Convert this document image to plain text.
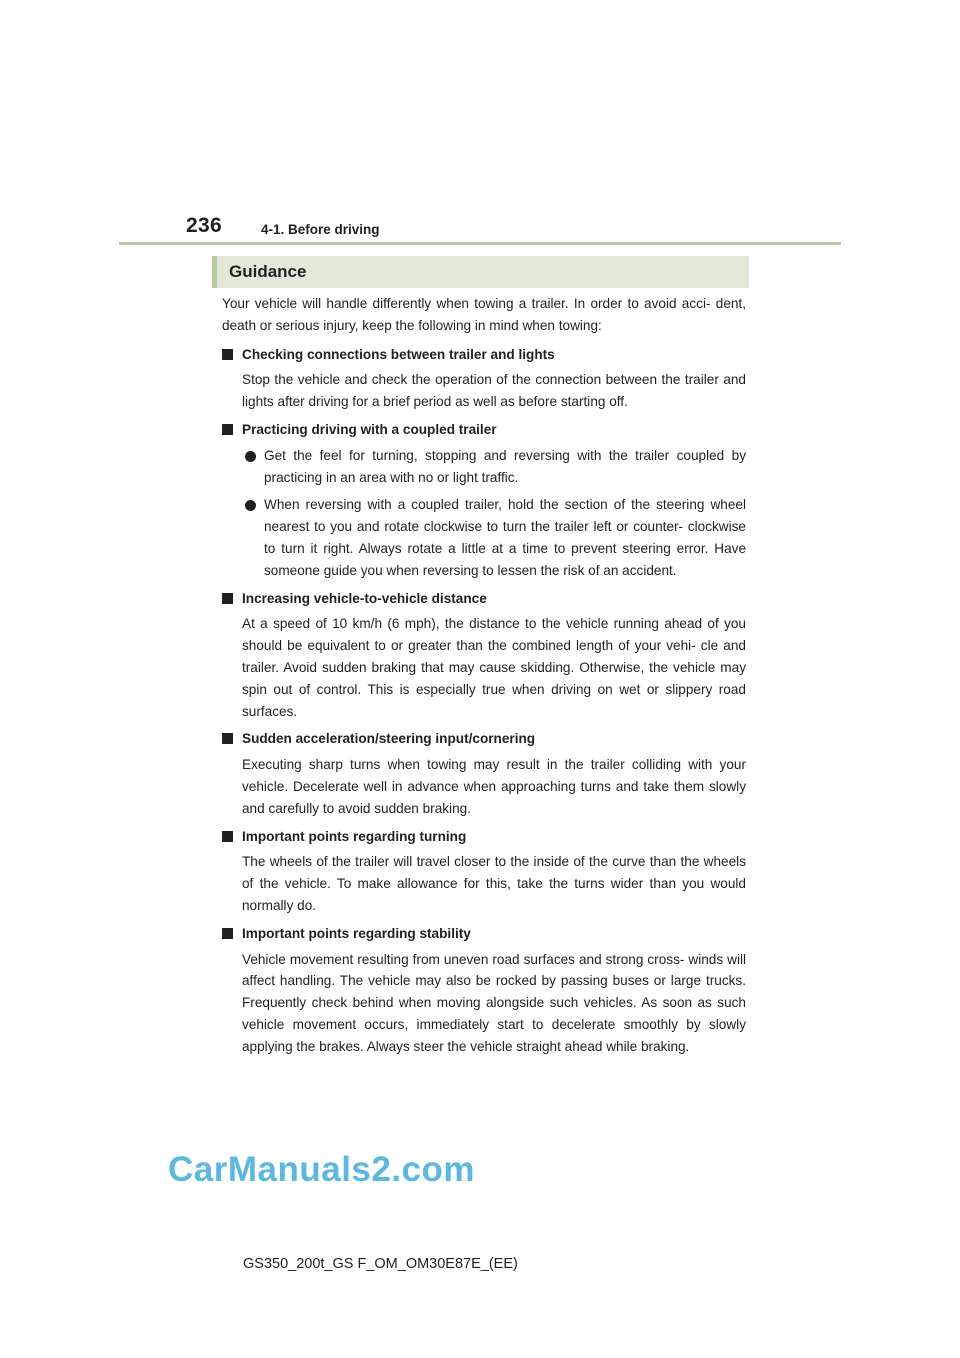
236	4-1. Before driving
Guidance

Your vehicle will handle differently when towing a trailer. In order to avoid acci- dent, death or serious injury, keep the following in mind when towing:

Checking connections between trailer and lights
Stop the vehicle and check the operation of the connection between the trailer and lights after driving for a brief period as well as before starting off.
Practicing driving with a coupled trailer
Get the feel for turning, stopping and reversing with the trailer coupled by practicing in an area with no or light traffic.
When reversing with a coupled trailer, hold the section of the steering wheel nearest to you and rotate clockwise to turn the trailer left or counter- clockwise to turn it right. Always rotate a little at a time to prevent steering error. Have someone guide you when reversing to lessen the risk of an accident.
Increasing vehicle-to-vehicle distance
At a speed of 10 km/h (6 mph), the distance to the vehicle running ahead of you should be equivalent to or greater than the combined length of your vehi- cle and trailer. Avoid sudden braking that may cause skidding. Otherwise, the vehicle may spin out of control. This is especially true when driving on wet or slippery road surfaces.
Sudden acceleration/steering input/cornering
Executing sharp turns when towing may result in the trailer colliding with your vehicle. Decelerate well in advance when approaching turns and take them slowly and carefully to avoid sudden braking.
Important points regarding turning
The wheels of the trailer will travel closer to the inside of the curve than the wheels of the vehicle. To make allowance for this, take the turns wider than you would normally do.
Important points regarding stability
Vehicle movement resulting from uneven road surfaces and strong cross- winds will affect handling. The vehicle may also be rocked by passing buses or large trucks. Frequently check behind when moving alongside such vehicles. As soon as such vehicle movement occurs, immediately start to decelerate smoothly by slowly applying the brakes. Always steer the vehicle straight ahead while braking.
CarManuals2.com
GS350_200t_GS F_OM_OM30E87E_(EE)
